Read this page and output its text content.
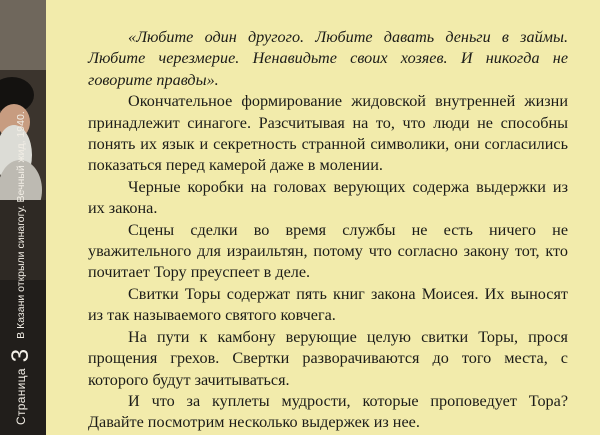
Страница
3
В Казани открыли синагогу. Вечный жид, 1940.

«Любите один другого. Любите давать деньги в займы. Любите черезмерие. Ненавидьте своих хозяев. И никогда не говорите правды».

Окончательное формирование жидовской внутренней жизни принадлежит синагоге. Разсчитывая на то, что люди не способны понять их язык и секретность странной символики, они согласились показаться перед камерой даже в молении.

Черные коробки на головах верующих содержа выдержки из их закона.

Сцены сделки во время службы не есть ничего не уважительного для израильтян, потому что согласно закону тот, кто почитает Тору преуспеет в деле.

Свитки Торы содержат пять книг закона Моисея. Их выносят из так называемого святого ковчега.

На пути к камбону верующие целую свитки Торы, прося прощения грехов. Свертки разворачиваются до того места, с которого будут зачитываться.

И что за куплеты мудрости, которые проповедует Тора? Давайте посмотрим несколько выдержек из нее.
